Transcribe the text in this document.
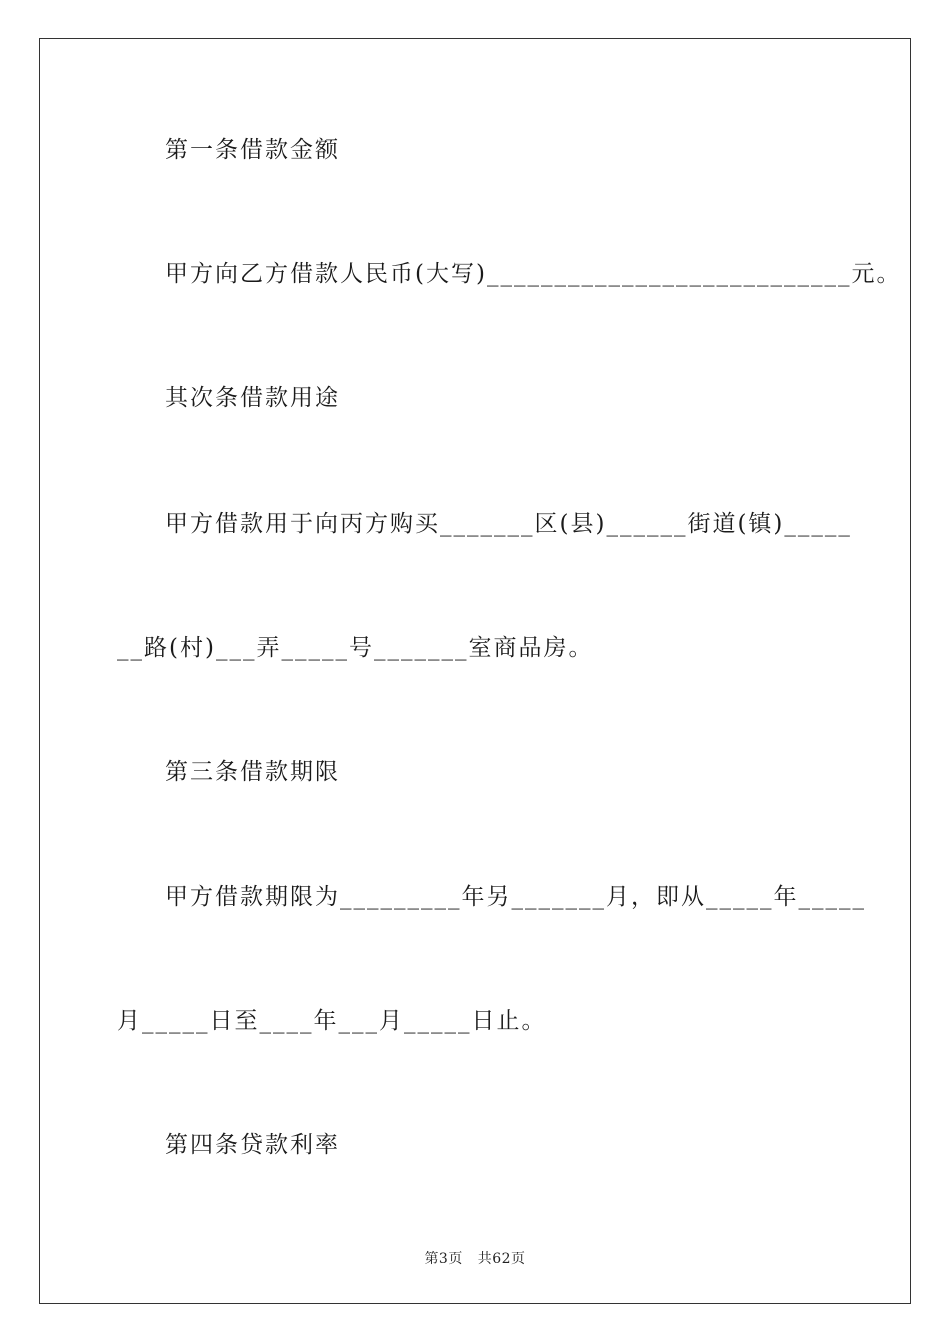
第一条借款金额
甲方向乙方借款人民币(大写)___________________________元。
其次条借款用途
甲方借款用于向丙方购买_______区(县)______街道(镇)_____
__路(村)___弄_____号_______室商品房。
第三条借款期限
甲方借款期限为_________年另_______月，即从_____年_____
月_____日至____年___月_____日止。
第四条贷款利率
第3页 共62页
